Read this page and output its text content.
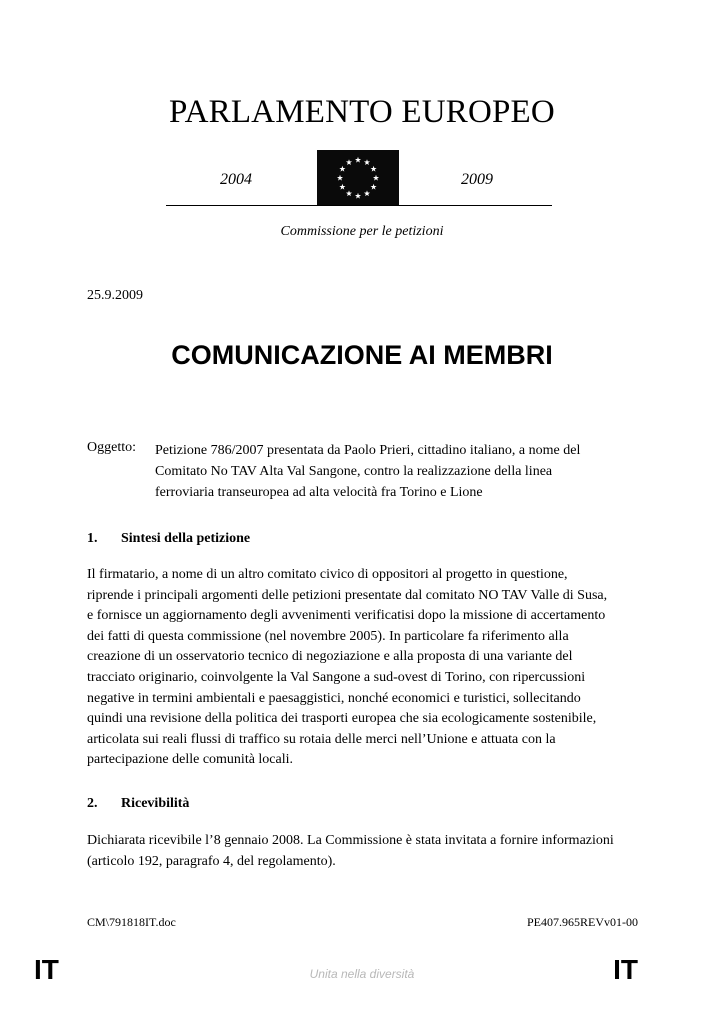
PARLAMENTO EUROPEO
2004	2009
Commissione per le petizioni
25.9.2009
COMUNICAZIONE AI MEMBRI
Oggetto: Petizione 786/2007 presentata da Paolo Prieri, cittadino italiano, a nome del
Comitato No TAV Alta Val Sangone, contro la realizzazione della linea
ferroviaria transeuropea ad alta velocità fra Torino e Lione
1. Sintesi della petizione
Il firmatario, a nome di un altro comitato civico di oppositori al progetto in questione,
riprende i principali argomenti delle petizioni presentate dal comitato NO TAV Valle di Susa,
e fornisce un aggiornamento degli avvenimenti verificatisi dopo la missione di accertamento
dei fatti di questa commissione (nel novembre 2005). In particolare fa riferimento alla
creazione di un osservatorio tecnico di negoziazione e alla proposta di una variante del
tracciato originario, coinvolgente la Val Sangone a sud-ovest di Torino, con ripercussioni
negative in termini ambientali e paesaggistici, nonché economici e turistici, sollecitando
quindi una revisione della politica dei trasporti europea che sia ecologicamente sostenibile,
articolata sui reali flussi di traffico su rotaia delle merci nell’Unione e attuata con la
partecipazione delle comunità locali.
2. Ricevibilità
Dichiarata ricevibile l’8 gennaio 2008. La Commissione è stata invitata a fornire informazioni
(articolo 192, paragrafo 4, del regolamento).
CM\791818IT.doc	PE407.965REVv01-00
IT	Unita nella diversità	IT
